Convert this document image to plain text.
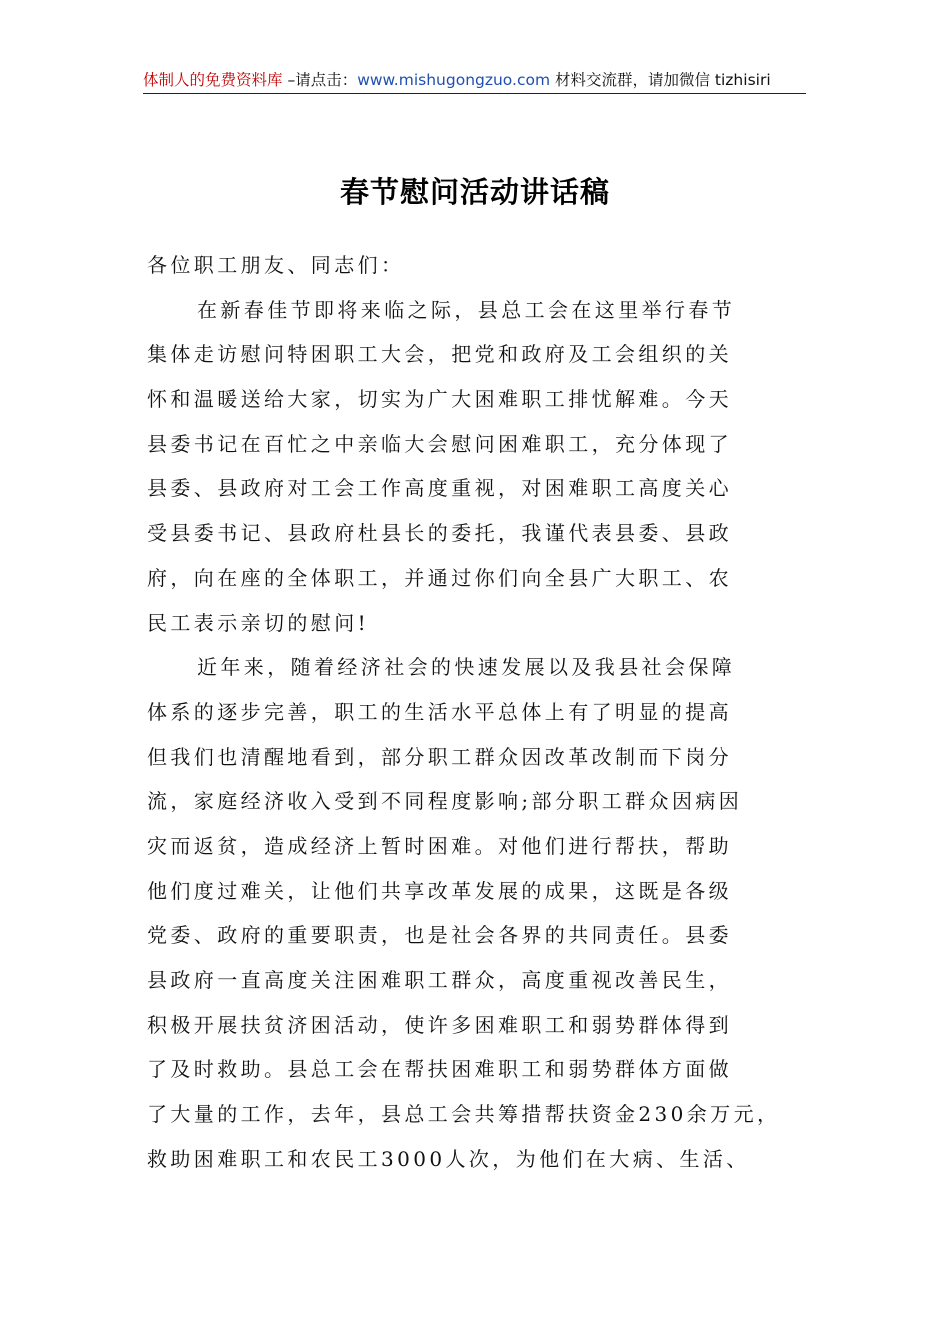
体制人的免费资料库 –请点击：www.mishugongzuo.com 材料交流群，请加微信 tizhisiri
春节慰问活动讲话稿
各位职工朋友、同志们：
在新春佳节即将来临之际，县总工会在这里举行春节
集体走访慰问特困职工大会，把党和政府及工会组织的关
怀和温暖送给大家，切实为广大困难职工排忧解难。今天
县委书记在百忙之中亲临大会慰问困难职工，充分体现了
县委、县政府对工会工作高度重视，对困难职工高度关心
受县委书记、县政府杜县长的委托，我谨代表县委、县政
府，向在座的全体职工，并通过你们向全县广大职工、农
民工表示亲切的慰问!
近年来，随着经济社会的快速发展以及我县社会保障
体系的逐步完善，职工的生活水平总体上有了明显的提高
但我们也清醒地看到，部分职工群众因改革改制而下岗分
流，家庭经济收入受到不同程度影响;部分职工群众因病因
灾而返贫，造成经济上暂时困难。对他们进行帮扶，帮助
他们度过难关，让他们共享改革发展的成果，这既是各级
党委、政府的重要职责，也是社会各界的共同责任。县委
县政府一直高度关注困难职工群众，高度重视改善民生，
积极开展扶贫济困活动，使许多困难职工和弱势群体得到
了及时救助。县总工会在帮扶困难职工和弱势群体方面做
了大量的工作，去年，县总工会共筹措帮扶资金230余万元，
救助困难职工和农民工3000人次，为他们在大病、生活、
